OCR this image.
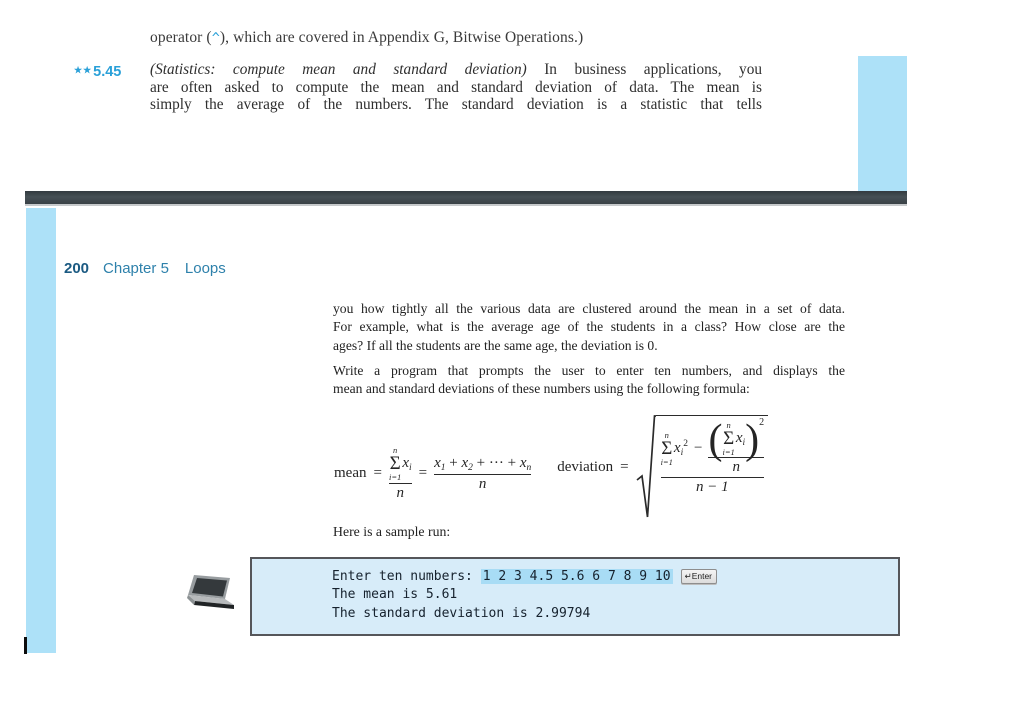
operator (^), which are covered in Appendix G, Bitwise Operations.)
★★5.45 (Statistics: compute mean and standard deviation) In business applications, you
are often asked to compute the mean and standard deviation of data. The mean is
simply the average of the numbers. The standard deviation is a statistic that tells
200 Chapter 5 Loops
you how tightly all the various data are clustered around the mean in a set of data.
For example, what is the average age of the students in a class? How close are the
ages? If all the students are the same age, the deviation is 0.
Write a program that prompts the user to enter ten numbers, and displays the
mean and standard deviations of these numbers using the following formula:
mean = n
Σ
i=1
$x_i$
n =
$x_1 + x_2$ + ··· + $x_n$
n
deviation =
n
Σ
i=1
$x_i^2$ − ( n
Σ
i=1
$x_i$ ) 2
n
n − 1
Here is a sample run:
Enter ten numbers: 1 2 3 4.5 5.6 6 7 8 9 10 ↵Enter
The mean is 5.61
The standard deviation is 2.99794
